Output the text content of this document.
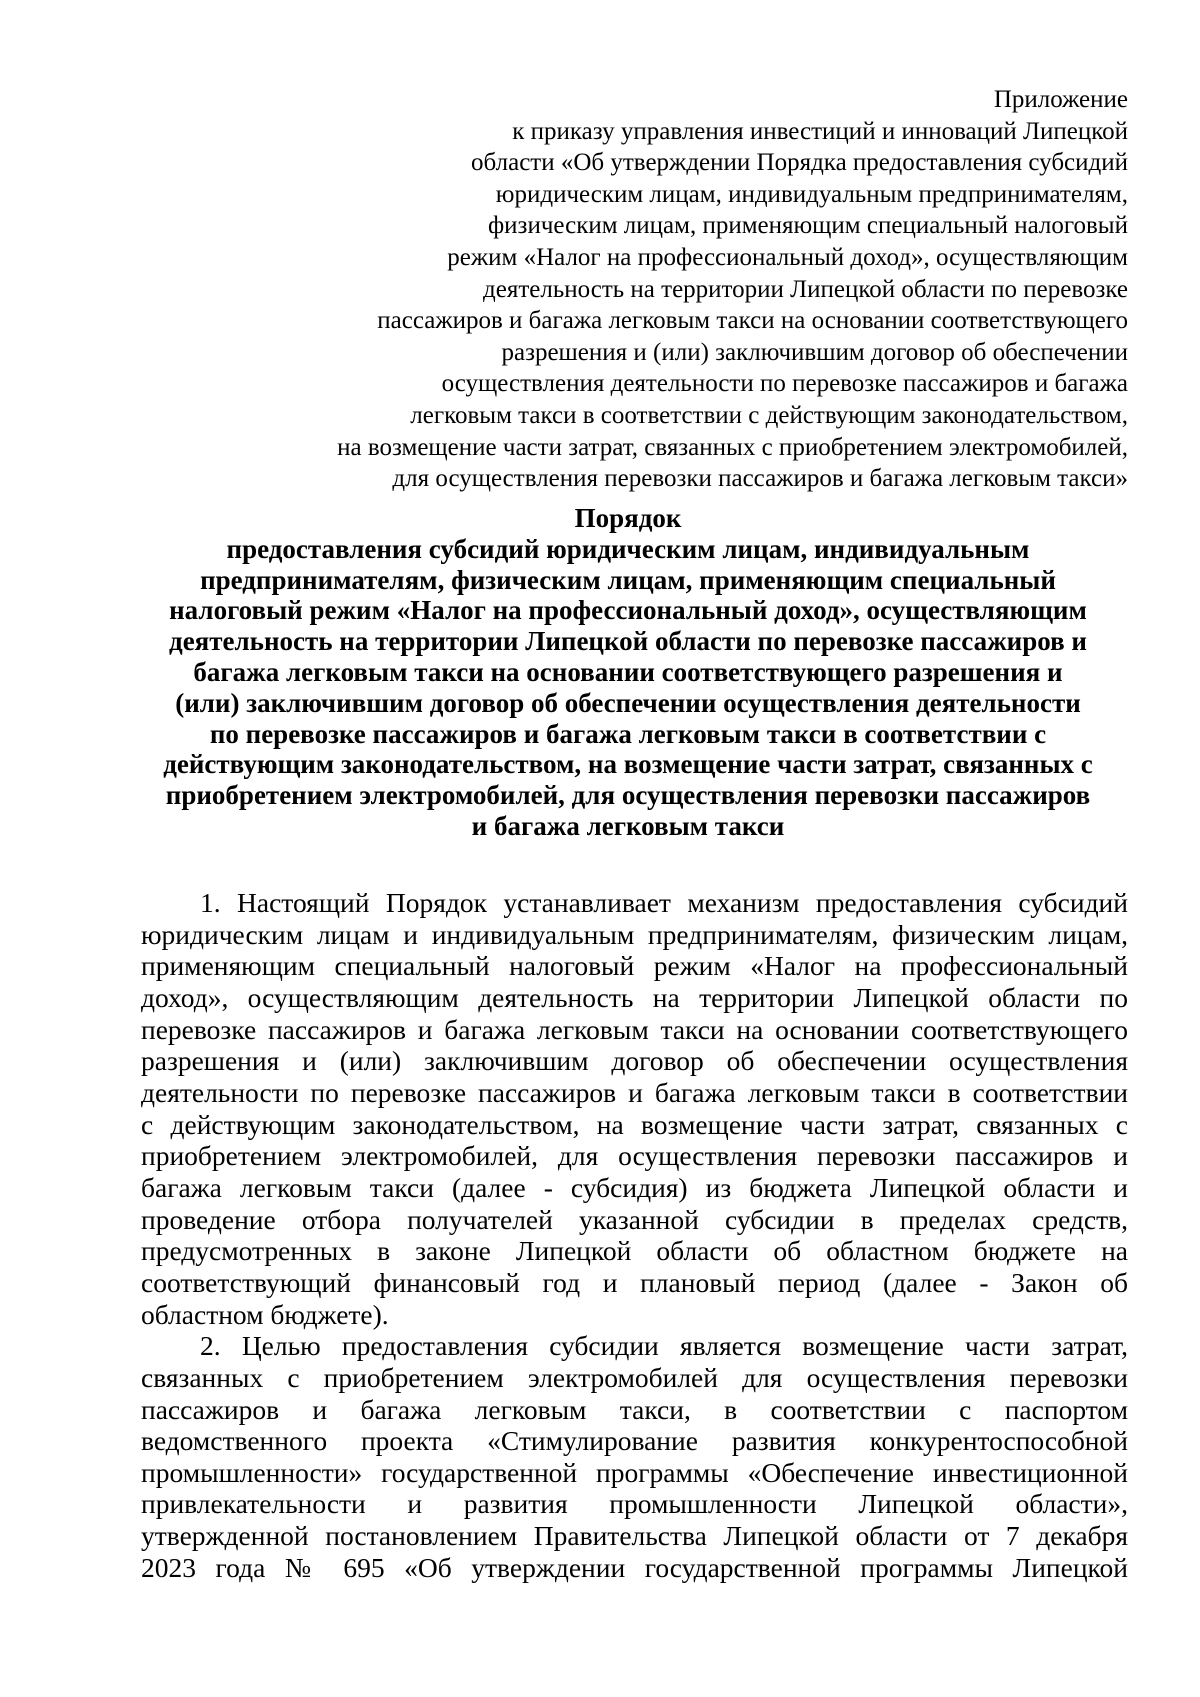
Приложение
к приказу управления инвестиций и инноваций Липецкой
области «Об утверждении Порядка предоставления субсидий
юридическим лицам, индивидуальным предпринимателям,
физическим лицам, применяющим специальный налоговый
режим «Налог на профессиональный доход», осуществляющим
деятельность на территории Липецкой области по перевозке
пассажиров и багажа легковым такси на основании соответствующего
разрешения и (или) заключившим договор об обеспечении
осуществления деятельности по перевозке пассажиров и багажа
легковым такси в соответствии с действующим законодательством,
на возмещение части затрат, связанных с приобретением электромобилей,
для осуществления перевозки пассажиров и багажа легковым такси»
Порядок
предоставления субсидий юридическим лицам, индивидуальным
предпринимателям, физическим лицам, применяющим специальный
налоговый режим «Налог на профессиональный доход», осуществляющим
деятельность на территории Липецкой области по перевозке пассажиров и
багажа легковым такси на основании соответствующего разрешения и
(или) заключившим договор об обеспечении осуществления деятельности
по перевозке пассажиров и багажа легковым такси в соответствии с
действующим законодательством, на возмещение части затрат, связанных с
приобретением электромобилей, для осуществления перевозки пассажиров
и багажа легковым такси
1. Настоящий Порядок устанавливает механизм предоставления субсидий
юридическим лицам и индивидуальным предпринимателям, физическим лицам,
применяющим специальный налоговый режим «Налог на профессиональный
доход», осуществляющим деятельность на территории Липецкой области по
перевозке пассажиров и багажа легковым такси на основании соответствующего
разрешения и (или) заключившим договор об обеспечении осуществления
деятельности по перевозке пассажиров и багажа легковым такси в соответствии
с действующим законодательством, на возмещение части затрат, связанных с
приобретением электромобилей, для осуществления перевозки пассажиров и
багажа легковым такси (далее - субсидия) из бюджета Липецкой области и
проведение отбора получателей указанной субсидии в пределах средств,
предусмотренных в законе Липецкой области об областном бюджете на
соответствующий финансовый год и плановый период (далее - Закон об
областном бюджете).
2. Целью предоставления субсидии является возмещение части затрат,
связанных с приобретением электромобилей для осуществления перевозки
пассажиров и багажа легковым такси, в соответствии с паспортом
ведомственного проекта «Стимулирование развития конкурентоспособной
промышленности» государственной программы «Обеспечение инвестиционной
привлекательности и развития промышленности Липецкой области»,
утвержденной постановлением Правительства Липецкой области от 7 декабря
2023 года № 695 «Об утверждении государственной программы Липецкой
